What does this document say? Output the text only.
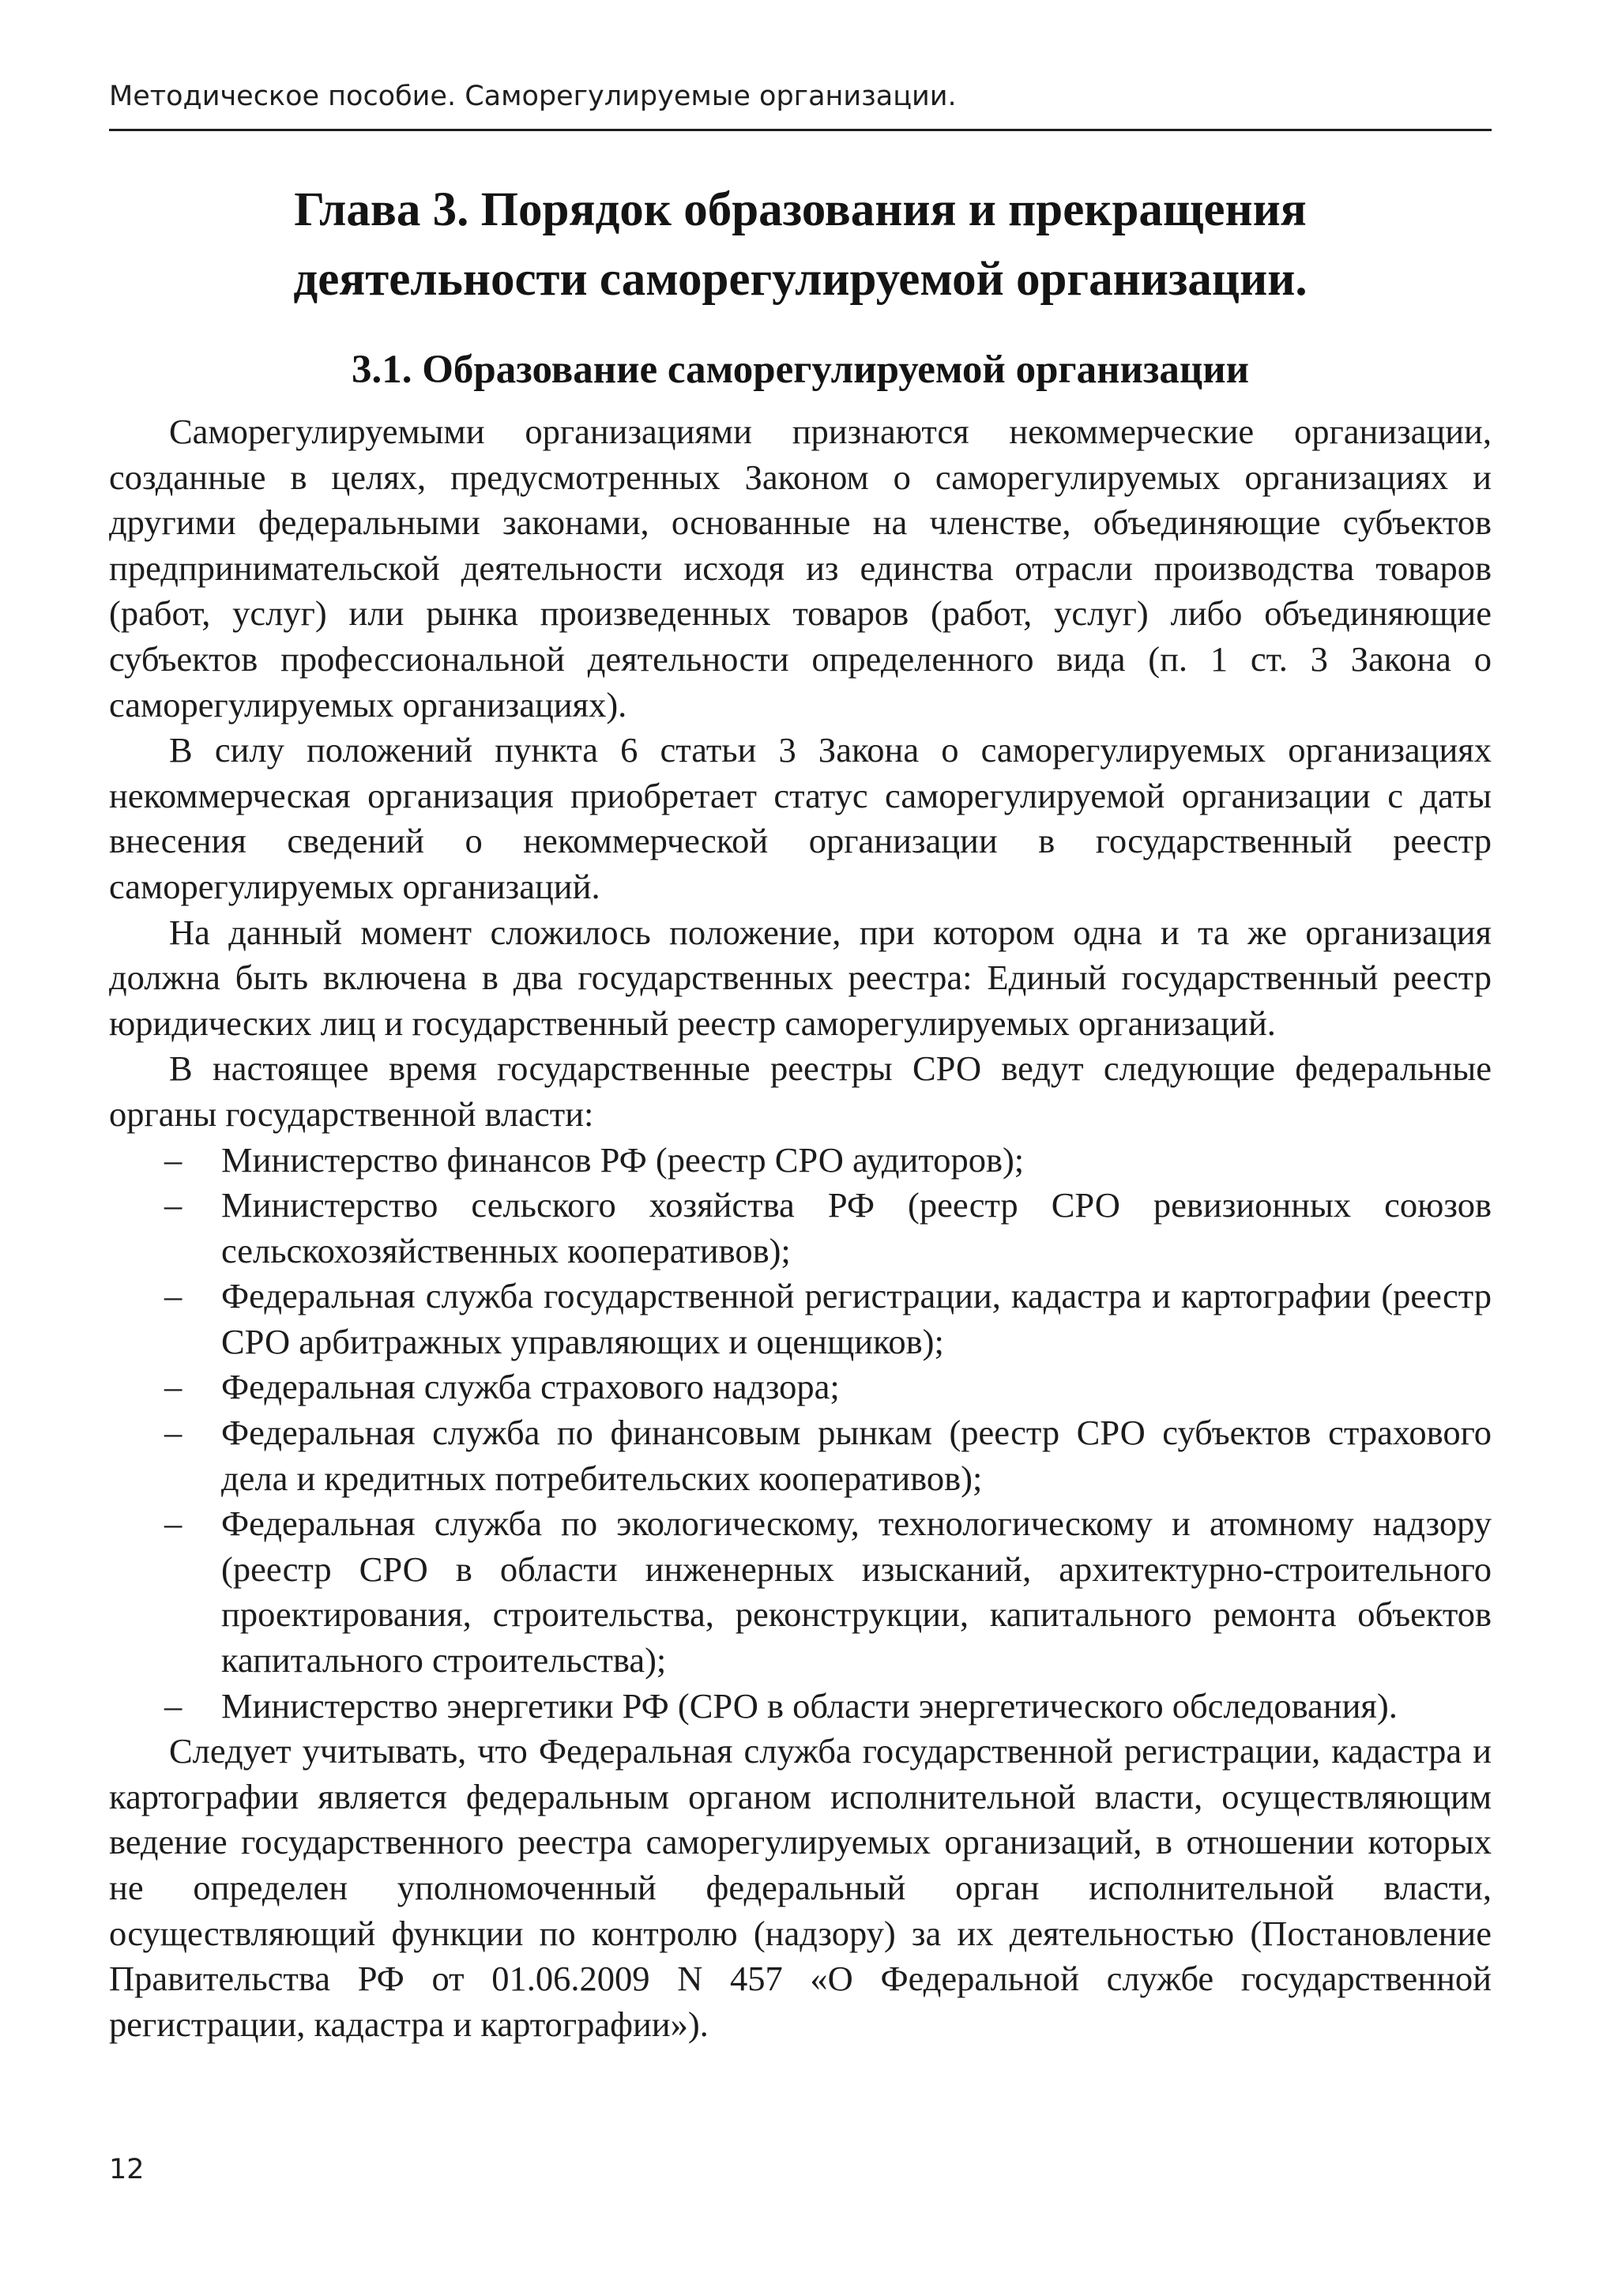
Методическое пособие. Саморегулируемые организации.
Глава 3. Порядок образования и прекращения
деятельности саморегулируемой организации.
3.1. Образование саморегулируемой организации

Саморегулируемыми организациями признаются некоммерческие организации, созданные в целях, предусмотренных Законом о саморегулируемых организациях и другими федеральными законами, основанные на членстве, объединяющие субъектов предпринимательской деятельности исходя из единства отрасли производства товаров (работ, услуг) или рынка произведенных товаров (работ, услуг) либо объединяющие субъектов профессиональной деятельности определенного вида (п. 1 ст. 3 Закона о саморегулируемых организациях).

В силу положений пункта 6 статьи 3 Закона о саморегулируемых организациях некоммерческая организация приобретает статус саморегулируемой организации с даты внесения сведений о некоммерческой организации в государственный реестр саморегулируемых организаций.

На данный момент сложилось положение, при котором одна и та же организация должна быть включена в два государственных реестра: Единый государственный реестр юридических лиц и государственный реестр саморегулируемых организаций.

В настоящее время государственные реестры СРО ведут следующие федеральные органы государственной власти:

– Министерство финансов РФ (реестр СРО аудиторов);
– Министерство сельского хозяйства РФ (реестр СРО ревизионных союзов сельскохозяйственных кооперативов);
– Федеральная служба государственной регистрации, кадастра и картографии (реестр СРО арбитражных управляющих и оценщиков);
– Федеральная служба страхового надзора;
– Федеральная служба по финансовым рынкам (реестр СРО субъектов страхового дела и кредитных потребительских кооперативов);
– Федеральная служба по экологическому, технологическому и атомному надзору (реестр СРО в области инженерных изысканий, архитектурно-строительного проектирования, строительства, реконструкции, капитального ремонта объектов капитального строительства);
– Министерство энергетики РФ (СРО в области энергетического обследования).

Следует учитывать, что Федеральная служба государственной регистрации, кадастра и картографии является федеральным органом исполнительной власти, осуществляющим ведение государственного реестра саморегулируемых организаций, в отношении которых не определен уполномоченный федеральный орган исполнительной власти, осуществляющий функции по контролю (надзору) за их деятельностью (Постановление Правительства РФ от 01.06.2009 N 457 «О Федеральной службе государственной регистрации, кадастра и картографии»).

12
